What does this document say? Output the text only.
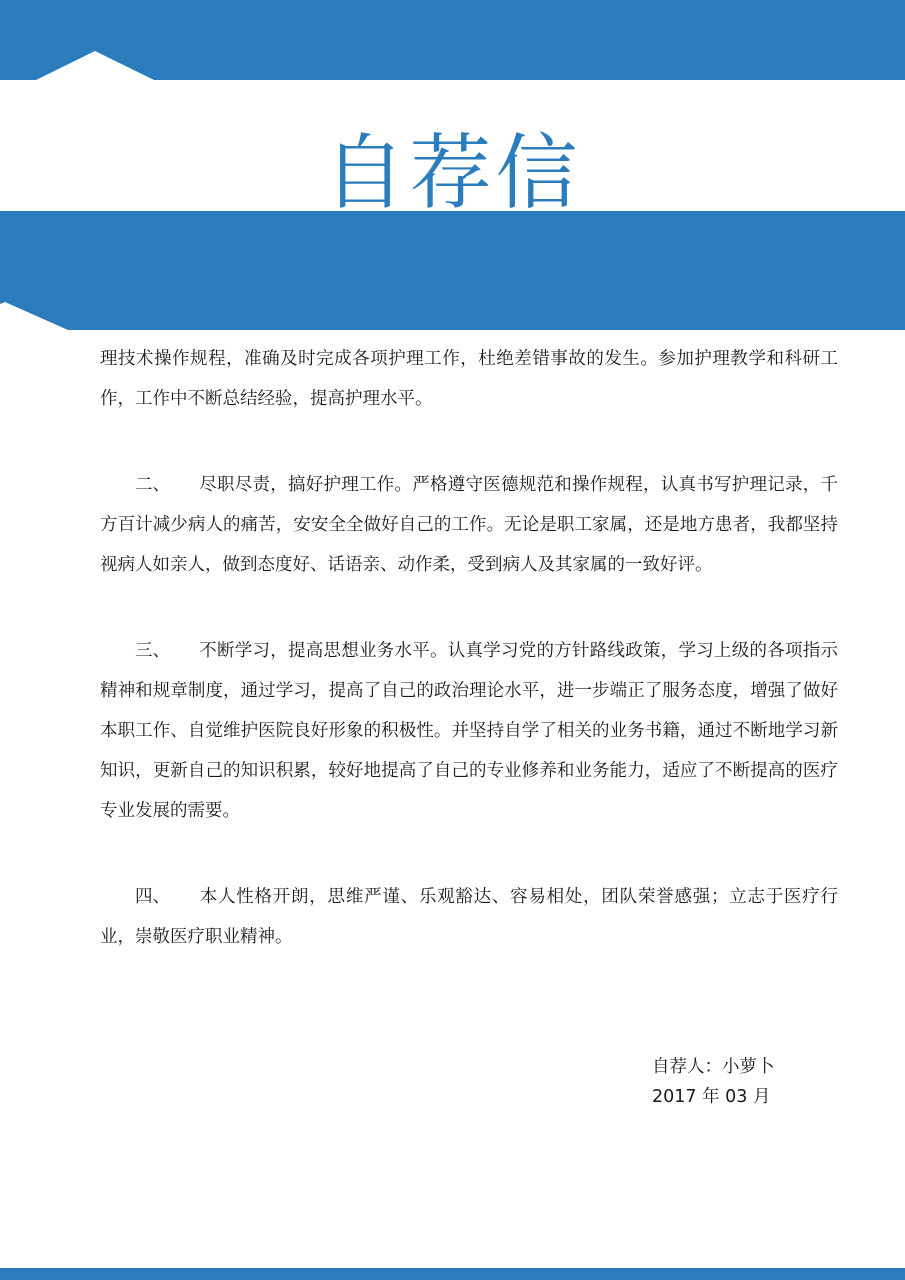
自荐信

理技术操作规程，准确及时完成各项护理工作，杜绝差错事故的发生。参加护理教学和科研工作，工作中不断总结经验，提高护理水平。

二、 尽职尽责，搞好护理工作。严格遵守医德规范和操作规程，认真书写护理记录，千方百计减少病人的痛苦，安安全全做好自己的工作。无论是职工家属，还是地方患者，我都坚持视病人如亲人，做到态度好、话语亲、动作柔，受到病人及其家属的一致好评。

三、 不断学习，提高思想业务水平。认真学习党的方针路线政策，学习上级的各项指示精神和规章制度，通过学习，提高了自己的政治理论水平，进一步端正了服务态度，增强了做好本职工作、自觉维护医院良好形象的积极性。并坚持自学了相关的业务书籍，通过不断地学习新知识，更新自己的知识积累，较好地提高了自己的专业修养和业务能力，适应了不断提高的医疗专业发展的需要。

四、 本人性格开朗，思维严谨、乐观豁达、容易相处，团队荣誉感强；立志于医疗行业，崇敬医疗职业精神。

自荐人：小萝卜
2017 年 03 月
